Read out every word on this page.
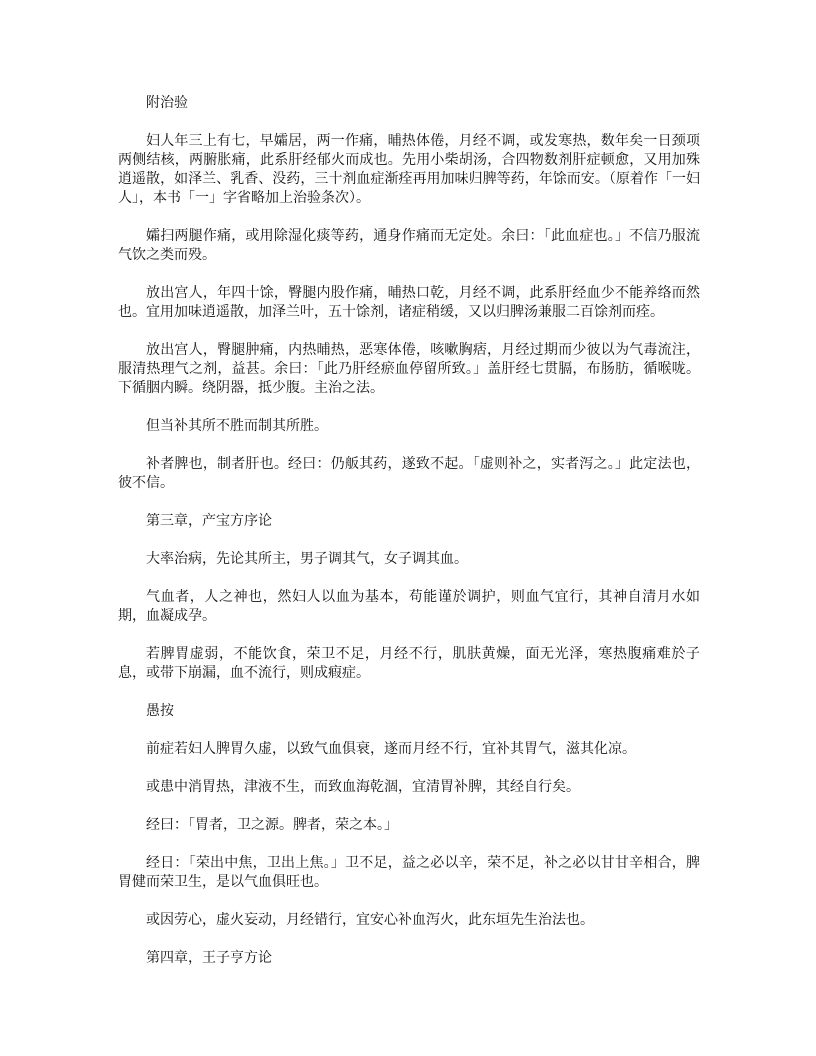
附治验

妇人年三上有七，早孀居，两一作痛，晡热体倦，月经不调，或发寒热，数年矣一日颈项两侧结核，两腑胀痛，此系肝经郁火而成也。先用小柴胡汤，合四物数剂肝症顿愈，又用加殊逍遥散，如泽兰、乳香、没药，三十剂血症渐痊再用加味归脾等药，年馀而安。（原着作「一妇人」，本书「一」字省略加上治验条次）。

孀扫两腿作痛，或用除湿化痰等药，通身作痛而无定处。余曰：「此血症也。」不信乃服流气饮之类而殁。

放出宫人，年四十馀，臀腿内股作痛，晡热口乾，月经不调，此系肝经血少不能养络而然也。宜用加味逍遥散，加泽兰叶，五十馀剂，诸症稍缓，又以归脾汤兼服二百馀剂而痊。

放出宫人，臀腿肿痛，内热晡热，恶寒体倦，咳嗽胸痞，月经过期而少彼以为气毒流注，服清热理气之剂，益甚。余曰：「此乃肝经瘀血停留所致。」盖肝经七贯膈，布肠肪，循喉咙。下循胭内瞬。绕阴器，抵少腹。主治之法。

但当补其所不胜而制其所胜。

补者脾也，制者肝也。经曰：仍舨其药，遂致不起。「虚则补之，实者泻之。」此定法也，彼不信。

第三章，产宝方序论

大率治病，先论其所主，男子调其气，女子调其血。

气血者，人之神也，然妇人以血为基本，苟能谨於调护，则血气宜行，其神自清月水如期，血凝成孕。

若脾胃虚弱，不能饮食，荣卫不足，月经不行，肌肤黄燥，面无光泽，寒热腹痛难於子息，或带下崩漏，血不流行，则成瘕症。

愚按

前症若妇人脾胃久虚，以致气血俱衰，遂而月经不行，宜补其胃气，滋其化凉。

或患中消胃热，津液不生，而致血海乾涸，宜清胃补脾，其经自行矣。

经曰：「胃者，卫之源。脾者，荣之本。」

经日：「荣出中焦，卫出上焦。」卫不足，益之必以辛，荣不足，补之必以甘甘辛相合，脾胃健而荣卫生，是以气血俱旺也。

或因劳心，虚火妄动，月经错行，宜安心补血泻火，此东垣先生治法也。

第四章，王子亨方论
